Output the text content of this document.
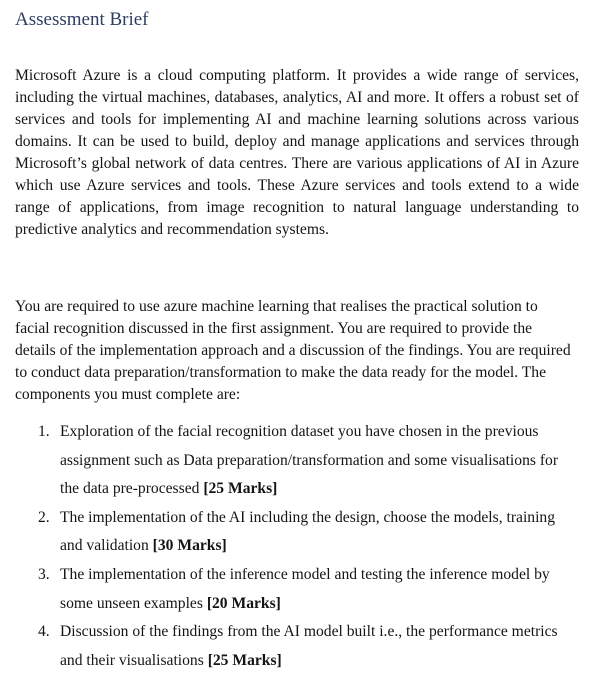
Assessment Brief

Microsoft Azure is a cloud computing platform. It provides a wide range of services, including the virtual machines, databases, analytics, AI and more. It offers a robust set of services and tools for implementing AI and machine learning solutions across various domains. It can be used to build, deploy and manage applications and services through Microsoft’s global network of data centres. There are various applications of AI in Azure which use Azure services and tools. These Azure services and tools extend to a wide range of applications, from image recognition to natural language understanding to predictive analytics and recommendation systems.

You are required to use azure machine learning that realises the practical solution to facial recognition discussed in the first assignment. You are required to provide the details of the implementation approach and a discussion of the findings. You are required to conduct data preparation/transformation to make the data ready for the model. The components you must complete are:

1. Exploration of the facial recognition dataset you have chosen in the previous assignment such as Data preparation/transformation and some visualisations for the data pre-processed [25 Marks]
2. The implementation of the AI including the design, choose the models, training and validation [30 Marks]
3. The implementation of the inference model and testing the inference model by some unseen examples [20 Marks]
4. Discussion of the findings from the AI model built i.e., the performance metrics and their visualisations [25 Marks]
